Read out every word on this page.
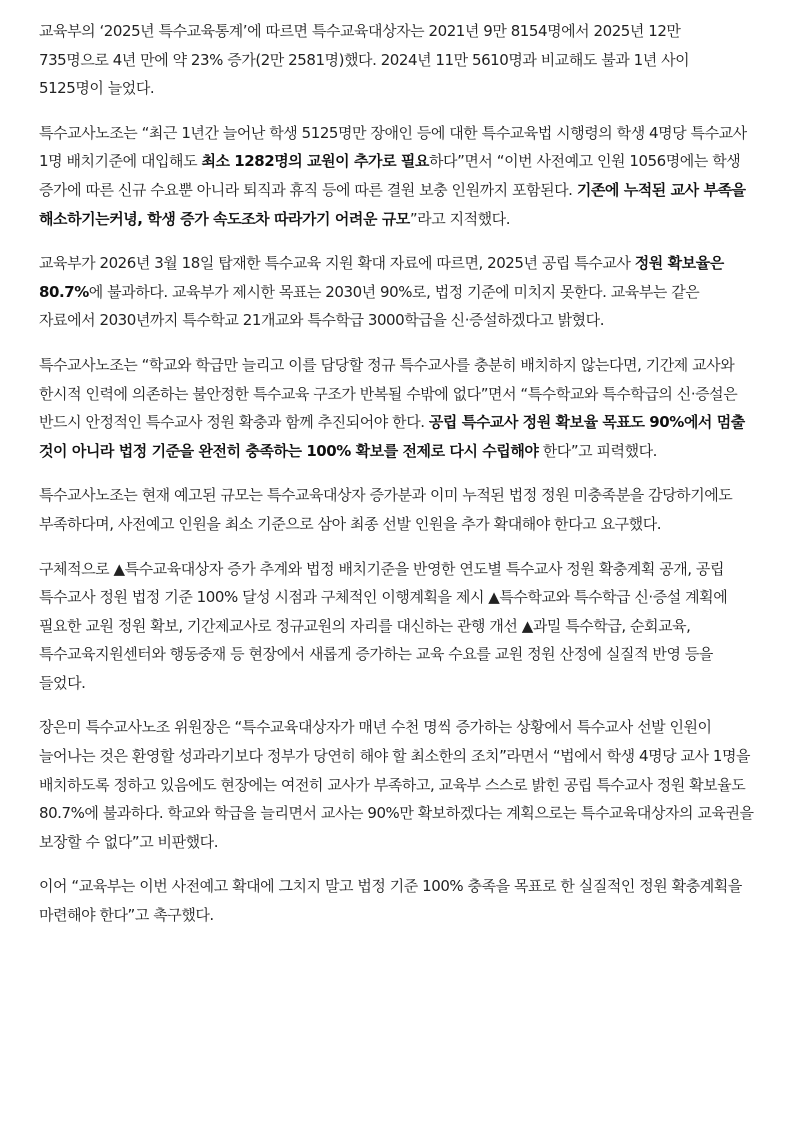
교육부의 ‘2025년 특수교육통계’에 따르면 특수교육대상자는 2021년 9만 8154명에서 2025년 12만 735명으로 4년 만에 약 23% 증가(2만 2581명)했다. 2024년 11만 5610명과 비교해도 불과 1년 사이 5125명이 늘었다.

특수교사노조는 “최근 1년간 늘어난 학생 5125명만 장애인 등에 대한 특수교육법 시행령의 학생 4명당 특수교사 1명 배치기준에 대입해도 최소 1282명의 교원이 추가로 필요하다”면서 “이번 사전예고 인원 1056명에는 학생 증가에 따른 신규 수요뿐 아니라 퇴직과 휴직 등에 따른 결원 보충 인원까지 포함된다. 기존에 누적된 교사 부족을 해소하기는커녕, 학생 증가 속도조차 따라가기 어려운 규모”라고 지적했다.

교육부가 2026년 3월 18일 탑재한 특수교육 지원 확대 자료에 따르면, 2025년 공립 특수교사 정원 확보율은 80.7%에 불과하다. 교육부가 제시한 목표는 2030년 90%로, 법정 기준에 미치지 못한다. 교육부는 같은 자료에서 2030년까지 특수학교 21개교와 특수학급 3000학급을 신·증설하겠다고 밝혔다.

특수교사노조는 “학교와 학급만 늘리고 이를 담당할 정규 특수교사를 충분히 배치하지 않는다면, 기간제 교사와 한시적 인력에 의존하는 불안정한 특수교육 구조가 반복될 수밖에 없다”면서 “특수학교와 특수학급의 신·증설은 반드시 안정적인 특수교사 정원 확충과 함께 추진되어야 한다. 공립 특수교사 정원 확보율 목표도 90%에서 멈출 것이 아니라 법정 기준을 완전히 충족하는 100% 확보를 전제로 다시 수립해야 한다”고 피력했다.

특수교사노조는 현재 예고된 규모는 특수교육대상자 증가분과 이미 누적된 법정 정원 미충족분을 감당하기에도 부족하다며, 사전예고 인원을 최소 기준으로 삼아 최종 선발 인원을 추가 확대해야 한다고 요구했다.

구체적으로 ▲특수교육대상자 증가 추계와 법정 배치기준을 반영한 연도별 특수교사 정원 확충계획 공개, 공립 특수교사 정원 법정 기준 100% 달성 시점과 구체적인 이행계획을 제시 ▲특수학교와 특수학급 신·증설 계획에 필요한 교원 정원 확보, 기간제교사로 정규교원의 자리를 대신하는 관행 개선 ▲과밀 특수학급, 순회교육, 특수교육지원센터와 행동중재 등 현장에서 새롭게 증가하는 교육 수요를 교원 정원 산정에 실질적 반영 등을 들었다.

장은미 특수교사노조 위원장은 “특수교육대상자가 매년 수천 명씩 증가하는 상황에서 특수교사 선발 인원이 늘어나는 것은 환영할 성과라기보다 정부가 당연히 해야 할 최소한의 조치”라면서 “법에서 학생 4명당 교사 1명을 배치하도록 정하고 있음에도 현장에는 여전히 교사가 부족하고, 교육부 스스로 밝힌 공립 특수교사 정원 확보율도 80.7%에 불과하다. 학교와 학급을 늘리면서 교사는 90%만 확보하겠다는 계획으로는 특수교육대상자의 교육권을 보장할 수 없다”고 비판했다.

이어 “교육부는 이번 사전예고 확대에 그치지 말고 법정 기준 100% 충족을 목표로 한 실질적인 정원 확충계획을 마련해야 한다”고 촉구했다.
